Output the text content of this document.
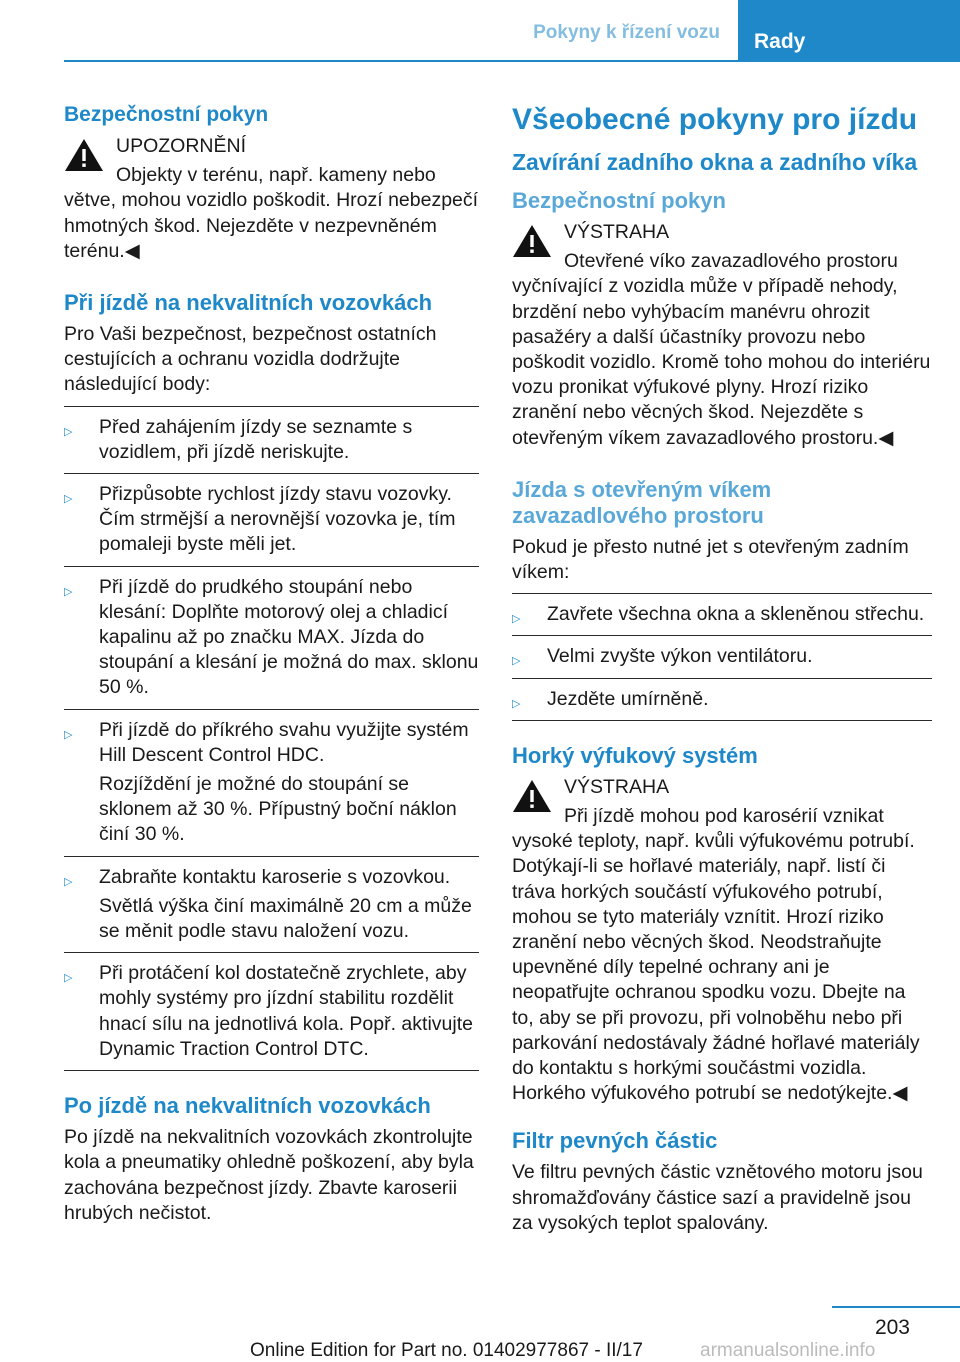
Pokyny k řízení vozu Rady
Bezpečnostní pokyn

UPOZORNĚNÍ

Objekty v terénu, např. kameny nebo větve, mohou vozidlo poškodit. Hrozí nebezpečí hmotných škod. Nejezděte v nezpevněném terénu.◀

Při jízdě na nekvalitních vozovkách

Pro Vaši bezpečnost, bezpečnost ostatních cestujících a ochranu vozidla dodržujte následující body:

▷ Před zahájením jízdy se seznamte s vozidlem, při jízdě neriskujte.

▷ Přizpůsobte rychlost jízdy stavu vozovky. Čím strmější a nerovnější vozovka je, tím pomaleji byste měli jet.

▷ Při jízdě do prudkého stoupání nebo klesání: Doplňte motorový olej a chladicí kapalinu až po značku MAX. Jízda do stoupání a klesání je možná do max. sklonu 50 %.

▷ Při jízdě do příkrého svahu využijte systém Hill Descent Control HDC.

Rozjíždění je možné do stoupání se sklonem až 30 %. Přípustný boční náklon činí 30 %.

▷ Zabraňte kontaktu karoserie s vozovkou.

Světlá výška činí maximálně 20 cm a může se měnit podle stavu naložení vozu.

▷ Při protáčení kol dostatečně zrychlete, aby mohly systémy pro jízdní stabilitu rozdělit hnací sílu na jednotlivá kola. Popř. aktivujte Dynamic Traction Control DTC.

Po jízdě na nekvalitních vozovkách

Po jízdě na nekvalitních vozovkách zkontrolujte kola a pneumatiky ohledně poškození, aby byla zachována bezpečnost jízdy. Zbavte karoserii hrubých nečistot.

Všeobecné pokyny pro jízdu
Zavírání zadního okna a zadního víka
Bezpečnostní pokyn

VÝSTRAHA

Otevřené víko zavazadlového prostoru vyčnívající z vozidla může v případě nehody, brzdění nebo vyhýbacím manévru ohrozit pasažéry a další účastníky provozu nebo poškodit vozidlo. Kromě toho mohou do interiéru vozu pronikat výfukové plyny. Hrozí riziko zranění nebo věcných škod. Nejezděte s otevřeným víkem zavazadlového prostoru.◀

Jízda s otevřeným víkem zavazadlového prostoru

Pokud je přesto nutné jet s otevřeným zadním víkem:

▷ Zavřete všechna okna a skleněnou střechu.

▷ Velmi zvyšte výkon ventilátoru.

▷ Jezděte umírněně.

Horký výfukový systém

VÝSTRAHA

Při jízdě mohou pod karosérií vznikat vysoké teploty, např. kvůli výfukovému potrubí. Dotýkají-li se hořlavé materiály, např. listí či tráva horkých součástí výfukového potrubí, mohou se tyto materiály vznítit. Hrozí riziko zranění nebo věcných škod. Neodstraňujte upevněné díly tepelné ochrany ani je neopatřujte ochranou spodku vozu. Dbejte na to, aby se při provozu, při volnoběhu nebo při parkování nedostávaly žádné hořlavé materiály do kontaktu s horkými součástmi vozidla. Horkého výfukového potrubí se nedotýkejte.◀

Filtr pevných částic

Ve filtru pevných částic vznětového motoru jsou shromažďovány částice sazí a pravidelně jsou za vysokých teplot spalovány.

203
Online Edition for Part no. 01402977867 - II/17	armanualsonline.info
